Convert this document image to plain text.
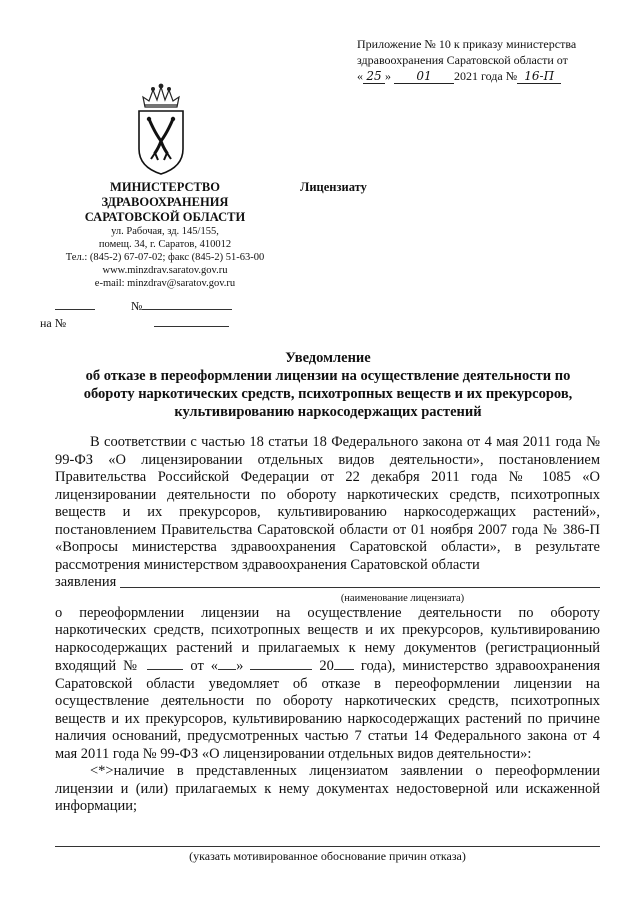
Приложение № 10 к приказу министерства
здравоохранения Саратовской области от
« 25 » 01 2021 года № 16-П
МИНИСТЕРСТВО
ЗДРАВООХРАНЕНИЯ
САРАТОВСКОЙ ОБЛАСТИ
ул. Рабочая, зд. 145/155,
помещ. 34, г. Саратов, 410012
Тел.: (845-2) 67-07-02; факс (845-2) 51-63-00
www.minzdrav.saratov.gov.ru
e-mail: minzdrav@saratov.gov.ru
Лицензиату
№
на №
Уведомление
об отказе в переоформлении лицензии на осуществление деятельности по
обороту наркотических средств, психотропных веществ и их прекурсоров,
культивированию наркосодержащих растений

В соответствии с частью 18 статьи 18 Федерального закона от 4 мая 2011 года № 99-ФЗ «О лицензировании отдельных видов деятельности», постановлением Правительства Российской Федерации от 22 декабря 2011 года № 1085 «О лицензировании деятельности по обороту наркотических средств, психотропных веществ и их прекурсоров, культивированию наркосодержащих растений», постановлением Правительства Саратовской области от 01 ноября 2007 года № 386-П «Вопросы министерства здравоохранения Саратовской области», в результате рассмотрения министерством здравоохранения Саратовской области

заявления
(наименование лицензиата)

о переоформлении лицензии на осуществление деятельности по обороту наркотических средств, психотропных веществ и их прекурсоров, культивированию наркосодержащих растений и прилагаемых к нему документов (регистрационный входящий №	от « »	20 года), министерство здравоохранения Саратовской области уведомляет об отказе в переоформлении лицензии на осуществление деятельности по обороту наркотических средств, психотропных веществ и их прекурсоров, культивированию наркосодержащих растений по причине наличия оснований, предусмотренных частью 7 статьи 14 Федерального закона от 4 мая 2011 года № 99-ФЗ «О лицензировании отдельных видов деятельности»:

<*>наличие в представленных лицензиатом заявлении о переоформлении лицензии и (или) прилагаемых к нему документах недостоверной или искаженной информации;

(указать мотивированное обоснование причин отказа)
